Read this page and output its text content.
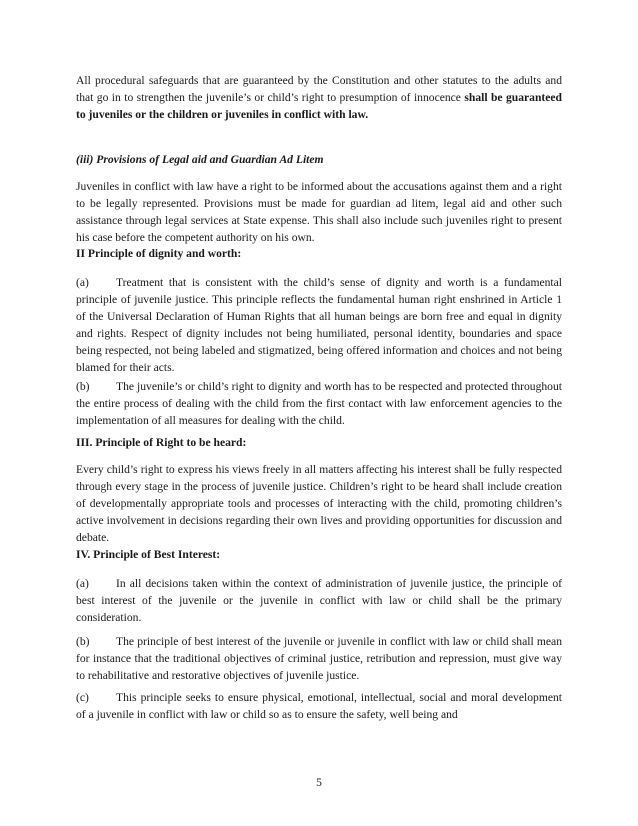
All procedural safeguards that are guaranteed by the Constitution and other statutes to the adults and that go in to strengthen the juvenile’s or child’s right to presumption of innocence shall be guaranteed to juveniles or the children or juveniles in conflict with law.

(iii) Provisions of Legal aid and Guardian Ad Litem

Juveniles in conflict with law have a right to be informed about the accusations against them and a right to be legally represented. Provisions must be made for guardian ad litem, legal aid and other such assistance through legal services at State expense. This shall also include such juveniles right to present his case before the competent authority on his own.

II Principle of dignity and worth:

(a) Treatment that is consistent with the child’s sense of dignity and worth is a fundamental principle of juvenile justice. This principle reflects the fundamental human right enshrined in Article 1 of the Universal Declaration of Human Rights that all human beings are born free and equal in dignity and rights. Respect of dignity includes not being humiliated, personal identity, boundaries and space being respected, not being labeled and stigmatized, being offered information and choices and not being blamed for their acts.

(b) The juvenile’s or child’s right to dignity and worth has to be respected and protected throughout the entire process of dealing with the child from the first contact with law enforcement agencies to the implementation of all measures for dealing with the child.

III. Principle of Right to be heard:

Every child’s right to express his views freely in all matters affecting his interest shall be fully respected through every stage in the process of juvenile justice. Children’s right to be heard shall include creation of developmentally appropriate tools and processes of interacting with the child, promoting children’s active involvement in decisions regarding their own lives and providing opportunities for discussion and debate.

IV. Principle of Best Interest:

(a) In all decisions taken within the context of administration of juvenile justice, the principle of best interest of the juvenile or the juvenile in conflict with law or child shall be the primary consideration.

(b) The principle of best interest of the juvenile or juvenile in conflict with law or child shall mean for instance that the traditional objectives of criminal justice, retribution and repression, must give way to rehabilitative and restorative objectives of juvenile justice.

(c) This principle seeks to ensure physical, emotional, intellectual, social and moral development of a juvenile in conflict with law or child so as to ensure the safety, well being and

5
